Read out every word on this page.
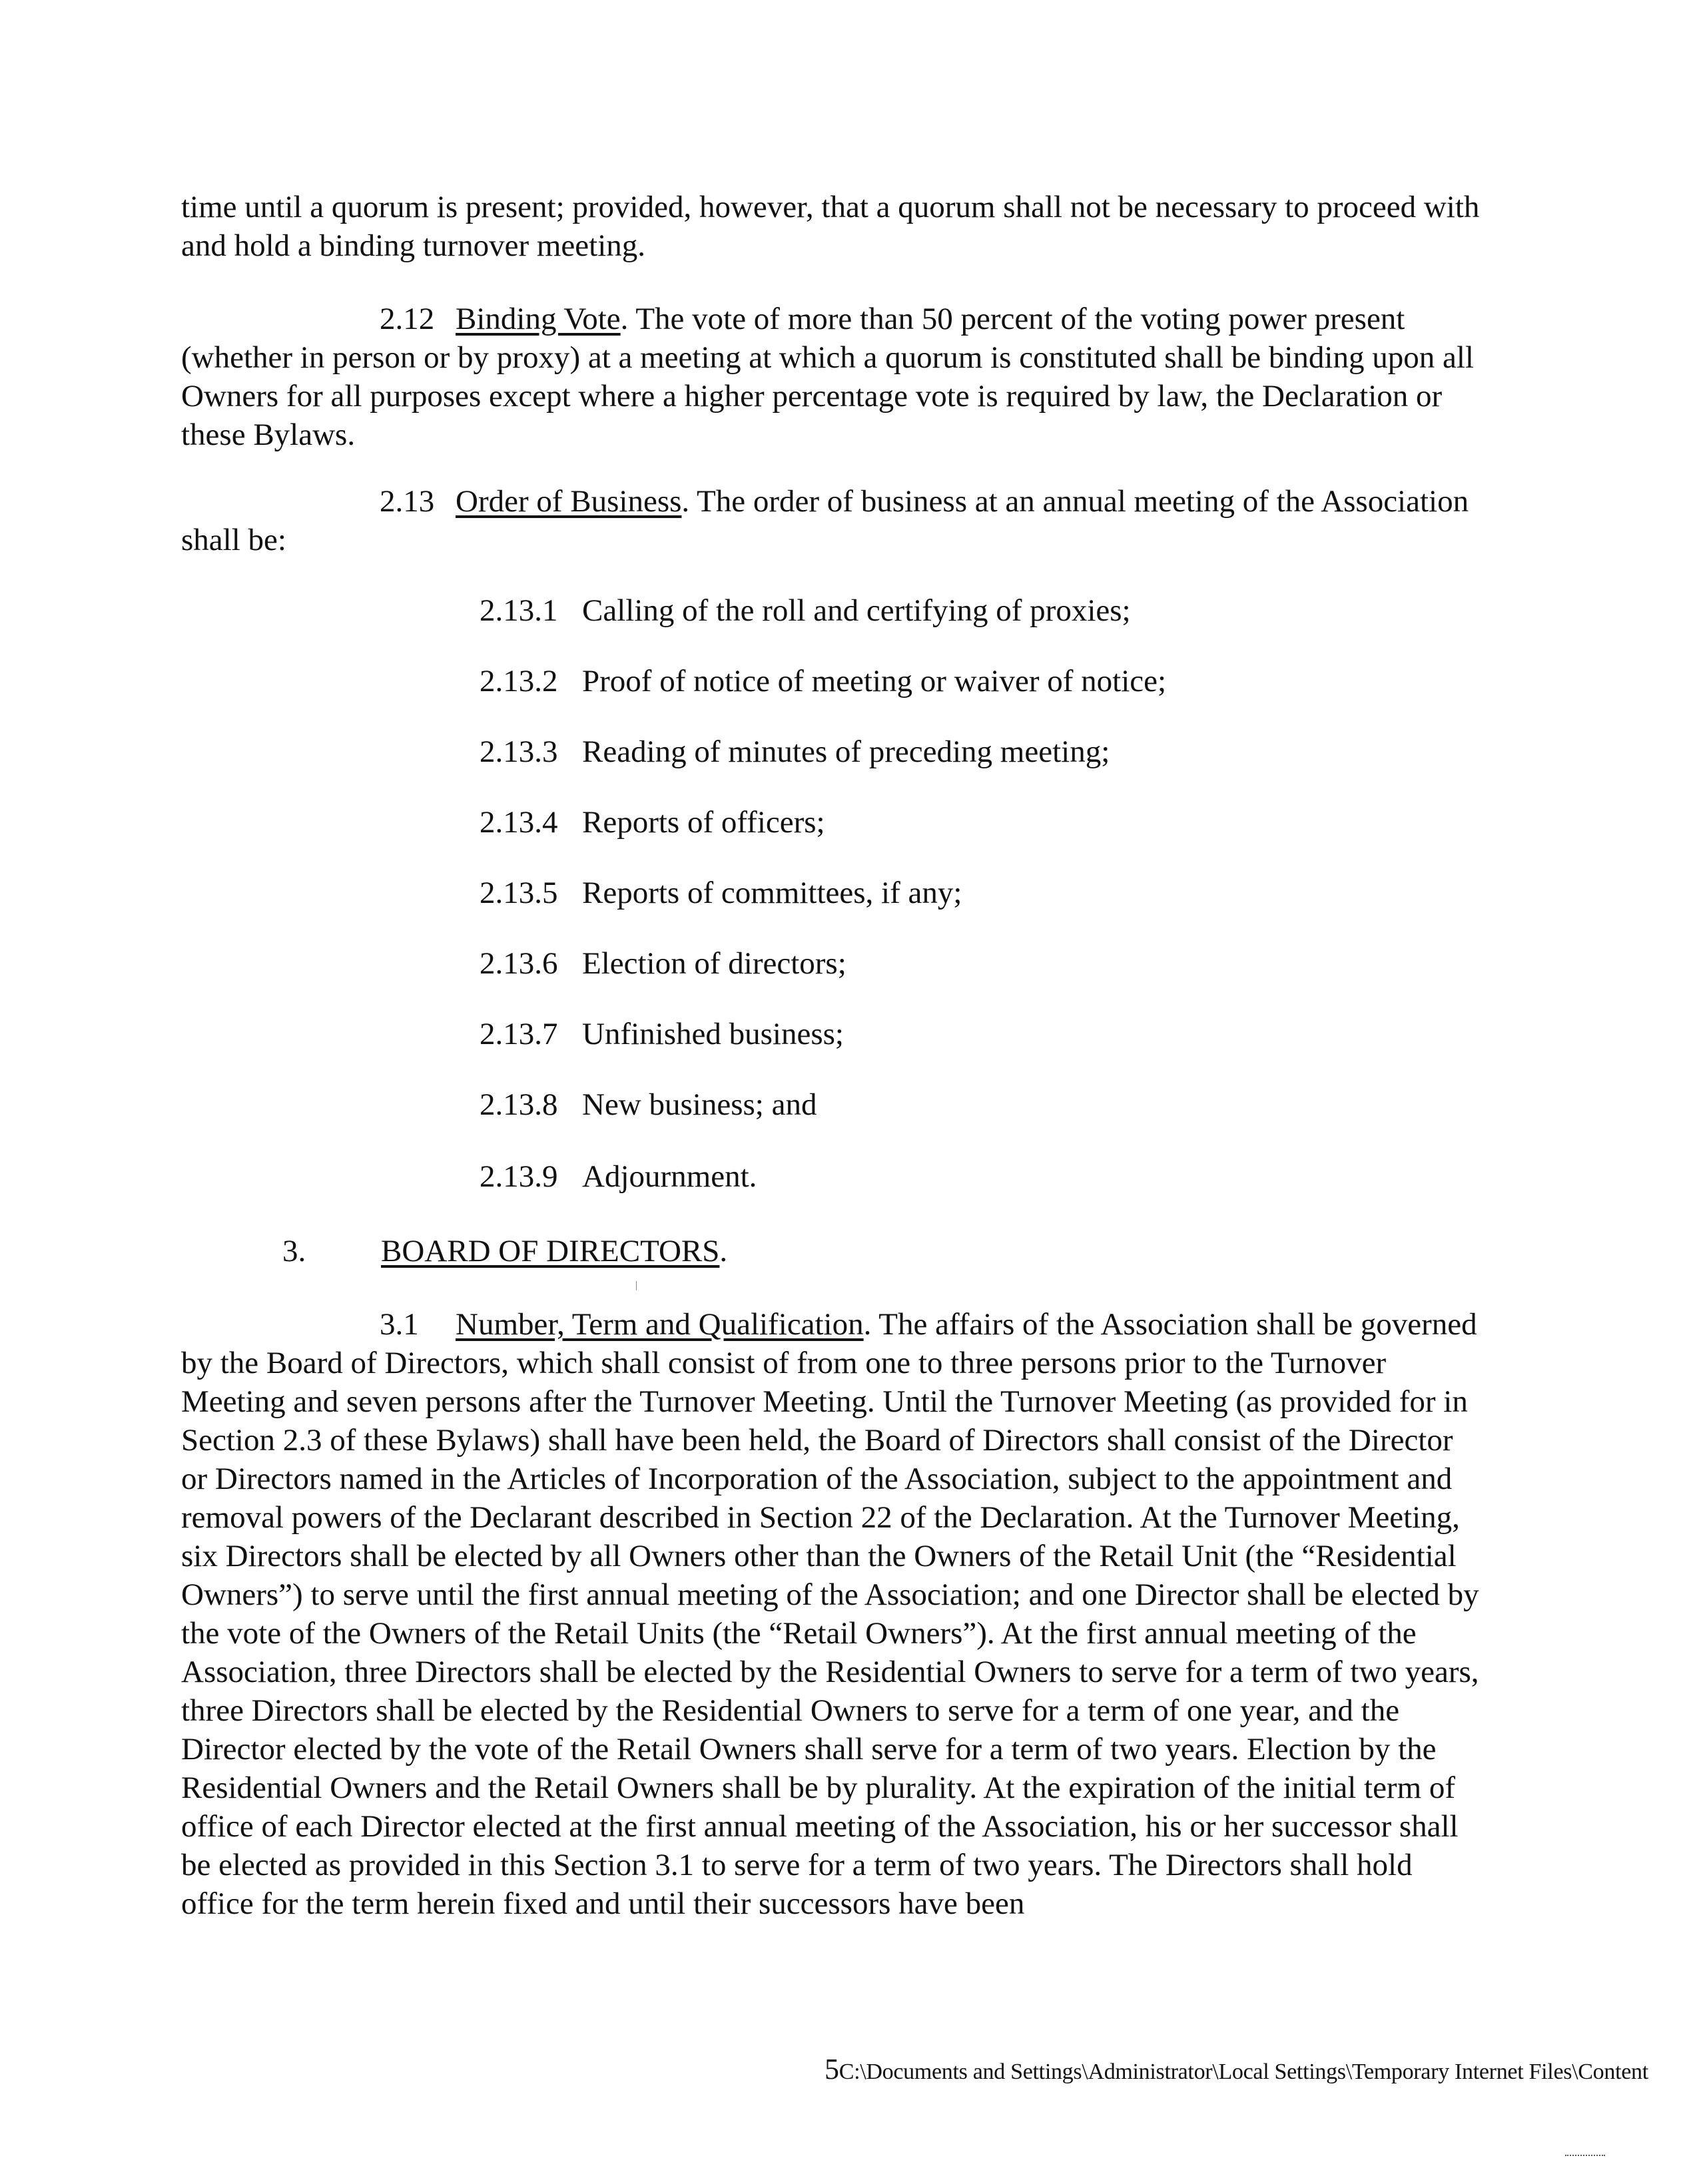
time until a quorum is present; provided, however, that a quorum shall not be necessary to proceed with and hold a binding turnover meeting.

2.12 Binding Vote. The vote of more than 50 percent of the voting power present (whether in person or by proxy) at a meeting at which a quorum is constituted shall be binding upon all Owners for all purposes except where a higher percentage vote is required by law, the Declaration or these Bylaws.

2.13 Order of Business. The order of business at an annual meeting of the Association shall be:

2.13.1 Calling of the roll and certifying of proxies;
2.13.2 Proof of notice of meeting or waiver of notice;
2.13.3 Reading of minutes of preceding meeting;
2.13.4 Reports of officers;
2.13.5 Reports of committees, if any;
2.13.6 Election of directors;
2.13.7 Unfinished business;
2.13.8 New business; and
2.13.9 Adjournment.
3. BOARD OF DIRECTORS.

3.1 Number, Term and Qualification. The affairs of the Association shall be governed by the Board of Directors, which shall consist of from one to three persons prior to the Turnover Meeting and seven persons after the Turnover Meeting. Until the Turnover Meeting (as provided for in Section 2.3 of these Bylaws) shall have been held, the Board of Directors shall consist of the Director or Directors named in the Articles of Incorporation of the Association, subject to the appointment and removal powers of the Declarant described in Section 22 of the Declaration. At the Turnover Meeting, six Directors shall be elected by all Owners other than the Owners of the Retail Unit (the “Residential Owners”) to serve until the first annual meeting of the Association; and one Director shall be elected by the vote of the Owners of the Retail Units (the “Retail Owners”). At the first annual meeting of the Association, three Directors shall be elected by the Residential Owners to serve for a term of two years, three Directors shall be elected by the Residential Owners to serve for a term of one year, and the Director elected by the vote of the Retail Owners shall serve for a term of two years. Election by the Residential Owners and the Retail Owners shall be by plurality. At the expiration of the initial term of office of each Director elected at the first annual meeting of the Association, his or her successor shall be elected as provided in this Section 3.1 to serve for a term of two years. The Directors shall hold office for the term herein fixed and until their successors have been

5C:\Documents and Settings\Administrator\Local Settings\Temporary Internet Files\Content
